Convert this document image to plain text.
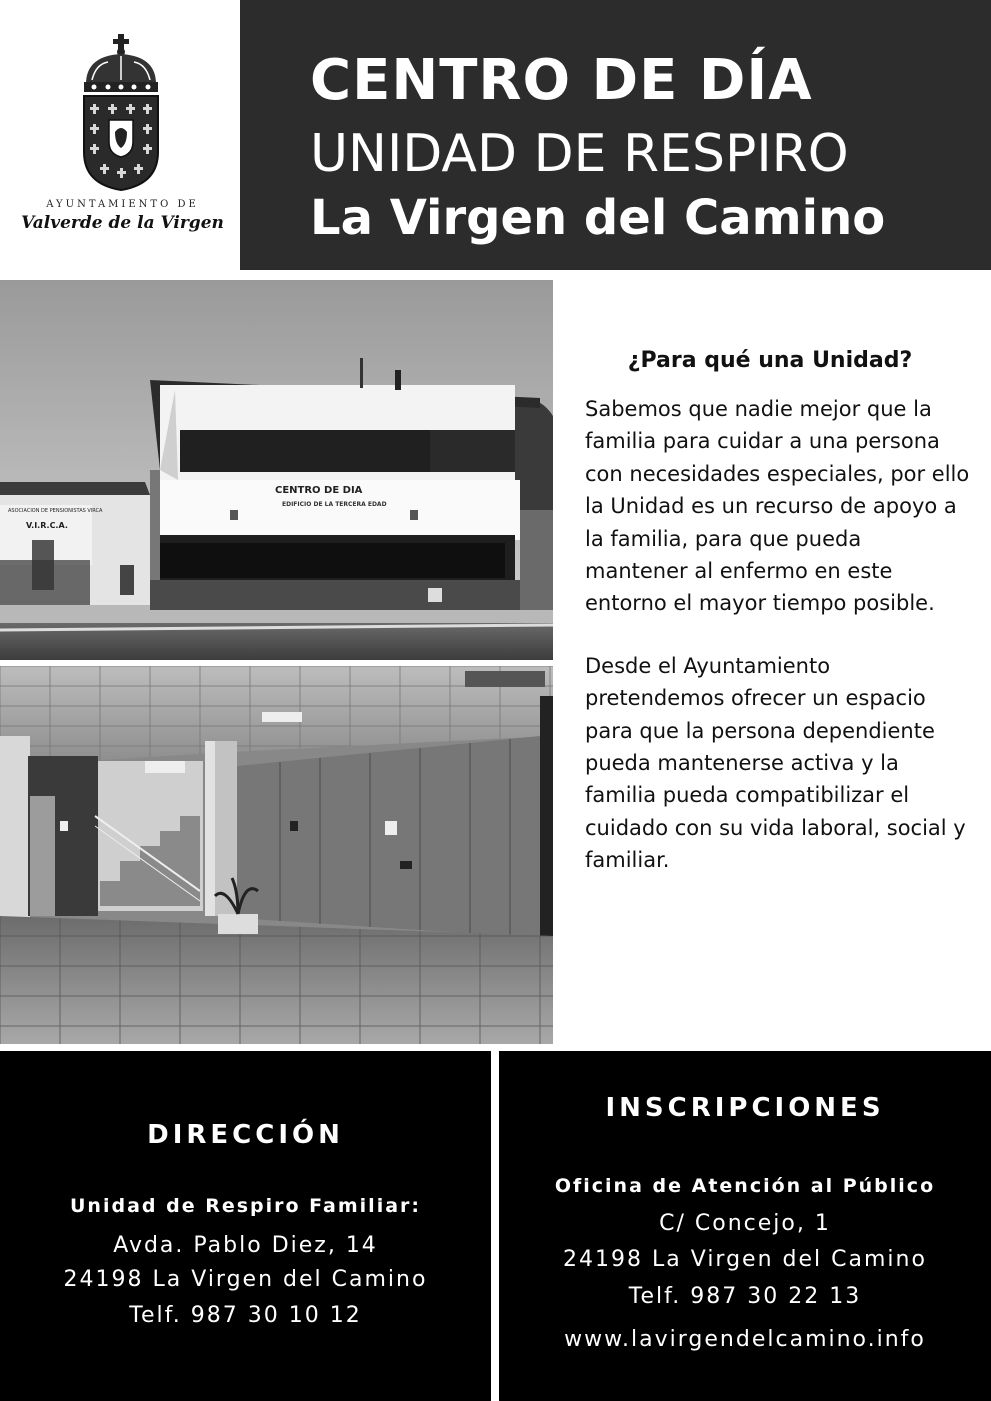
AYUNTAMIENTO DE
Valverde de la Virgen
CENTRO DE DÍA
UNIDAD DE RESPIRO
La Virgen del Camino
ASOCIACION DE PENSIONISTAS VIRCA
V.I.R.C.A.
CENTRO DE DIA
EDIFICIO DE LA TERCERA EDAD
¿Para qué una Unidad?

Sabemos que nadie mejor que la familia para cuidar a una persona con necesidades especiales, por ello la Unidad es un recurso de apoyo a la familia, para que pueda mantener al enfermo en este entorno el mayor tiempo posible.

Desde el Ayuntamiento pretendemos ofrecer un espacio para que la persona dependiente pueda mantenerse activa y la familia pueda compatibilizar el cuidado con su vida laboral, social y familiar.

DIRECCIÓN
Unidad de Respiro Familiar:
Avda. Pablo Diez, 14
24198 La Virgen del Camino
Telf. 987 30 10 12
INSCRIPCIONES
Oficina de Atención al Público
C/ Concejo, 1
24198 La Virgen del Camino
Telf. 987 30 22 13
www.lavirgendelcamino.info
